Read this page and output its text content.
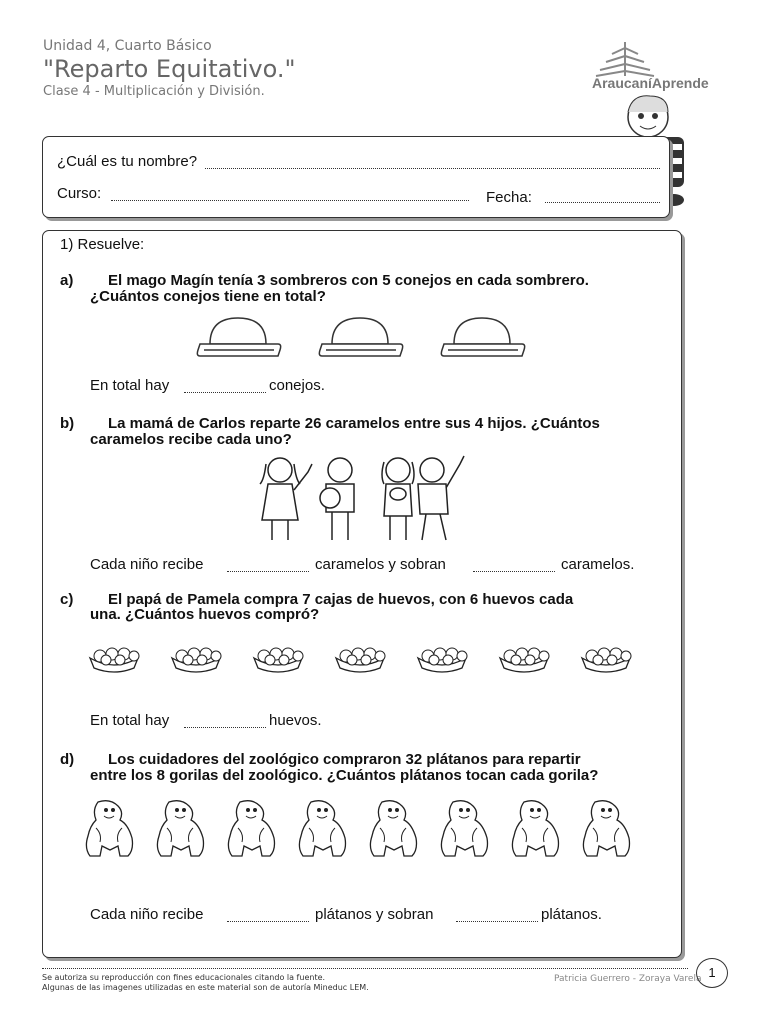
Unidad 4, Cuarto Básico
"Reparto Equitativo."
Clase 4 - Multiplicación y División.
AraucaníAprende
¿Cuál es tu nombre?
Curso:	Fecha:
1) Resuelve:
a) El mago Magín tenía 3 sombreros con 5 conejos en cada sombrero.
¿Cuántos conejos tiene en total?
En total hay	conejos.
b) La mamá de Carlos reparte 26 caramelos entre sus 4 hijos. ¿Cuántos
caramelos recibe cada uno?
Cada niño recibe	caramelos y sobran	caramelos.
c) El papá de Pamela compra 7 cajas de huevos, con 6 huevos cada
una. ¿Cuántos huevos compró?
En total hay	huevos.
d) Los cuidadores del zoológico compraron 32 plátanos para repartir
entre los 8 gorilas del zoológico. ¿Cuántos plátanos tocan cada gorila?
Cada niño recibe	plátanos y sobran	plátanos.
Se autoriza su reproducción con fines educacionales citando la fuente.
Algunas de las imagenes utilizadas en este material son de autoría Mineduc LEM.
Patricia Guerrero - Zoraya Varela 1
